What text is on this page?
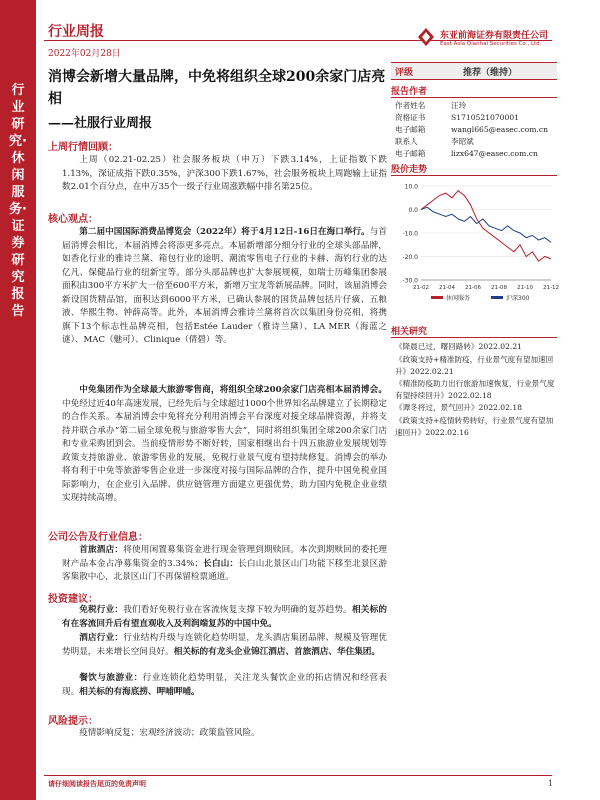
行业研究·休闲服务·证券研究报告
行业周报
2022年02月28日
东亚前海证券有限责任公司
East Asia Qianhai Securities Co., Ltd.
消博会新增大量品牌，中免将组织全球200余家门店亮相
——社服行业周报
上周行情回顾：
上周（02.21-02.25）社会服务板块（申万）下跌3.14%，上证指数下跌1.13%，深证成指下跌0.35%，沪深300下跌1.67%，社会服务板块上周跑输上证指数2.01个百分点，在申万35个一级子行业周涨跌幅中排名第25位。
核心观点：
第二届中国国际消费品博览会（2022年）将于4月12日-16日在海口举行。与首届消博会相比，本届消博会将添更多亮点。本届新增部分细分行业的全球头部品牌，如香化行业的雅诗兰黛、箱包行业的途明、潮流零售电子行业的卡赫、海钓行业的达亿凡、保健品行业的纽新宝等。部分头部品牌也扩大参展规模，如瑞士历峰集团参展面积由300平方米扩大一倍至600平方米，新增万宝龙等新展品牌。同时，该届消博会新设国货精品馆，面积达到6000平方米，已确认参展的国货品牌包括片仔癀、五粮液、华熙生物、钟薛高等。此外，本届消博会雅诗兰黛将首次以集团身份亮相，将携旗下13个标志性品牌亮相，包括Estée Lauder（雅诗兰黛）、LA MER（海蓝之谜）、MAC（魅可）、Clinique（倩碧）等。
中免集团作为全球最大旅游零售商，将组织全球200余家门店亮相本届消博会。中免经过近40年高速发展，已经先后与全球超过1000个世界知名品牌建立了长期稳定的合作关系。本届消博会中免将充分利用消博会平台深度对接全球品牌资源，并将支持并联合承办“第二届全球免税与旅游零售大会”，同时将组织集团全球200余家门店和专业采购团到会。当前疫情形势不断好转，国家相继出台十四五旅游业发展规划等政策支持旅游业、旅游零售业的发展，免税行业景气度有望持续修复。消博会的举办将有利于中免等旅游零售企业进一步深度对接与国际品牌的合作，提升中国免税业国际影响力，在企业引入品牌、供应链管理方面建立更强优势，助力国内免税企业业绩实现持续高增。
公司公告及行业信息：
首旅酒店：将使用闲置募集资金进行现金管理到期赎回。本次到期赎回的委托理财产品本金占净募集资金的3.34%；长白山：长白山北景区山门功能下移至北景区游客集散中心，北景区山门不再保留检票通道。
投资建议：
免税行业：我们看好免税行业在客流恢复支撑下较为明确的复苏趋势。相关标的有在客流回升后有望直观收入及利润端复苏的中国中免。
酒店行业：行业结构升级与连锁化趋势明显，龙头酒店集团品牌、规模及管理优势明显，未来增长空间良好。相关标的有龙头企业锦江酒店、首旅酒店、华住集团。
餐饮与旅游业：行业连锁化趋势明显，关注龙头餐饮企业的拓店情况和经营表现。相关标的有海底捞、呷哺呷哺。
风险提示：
疫情影响反复；宏观经济波动；政策监管风险。
评级	推荐（维持）
报告作者
作者姓名	汪玲
资格证书	S1710521070001
电子邮箱	wangl665@easec.com.cn
联系人	李昭斌
电子邮箱	lizx647@easec.com.cn
股价走势
10.0
0.0
-10.0
-20.0
-30.0
21-02 21-04 21-06 21-08 21-10 21-12
休闲服务	沪深300
相关研究
《降晨已过，曙回路转》2022.02.21
《政策支持+精准防疫，行业景气度有望加速回升》2022.02.21
《精准防疫助力出行旅游加速恢复，行业景气度有望持续回升》2022.02.18
《谭冬将过，景气回升》2022.02.18
《政策支持+疫情转势转好，行业景气度有望加速回升》2022.02.16
请仔细阅读报告尾页的免责声明	1
